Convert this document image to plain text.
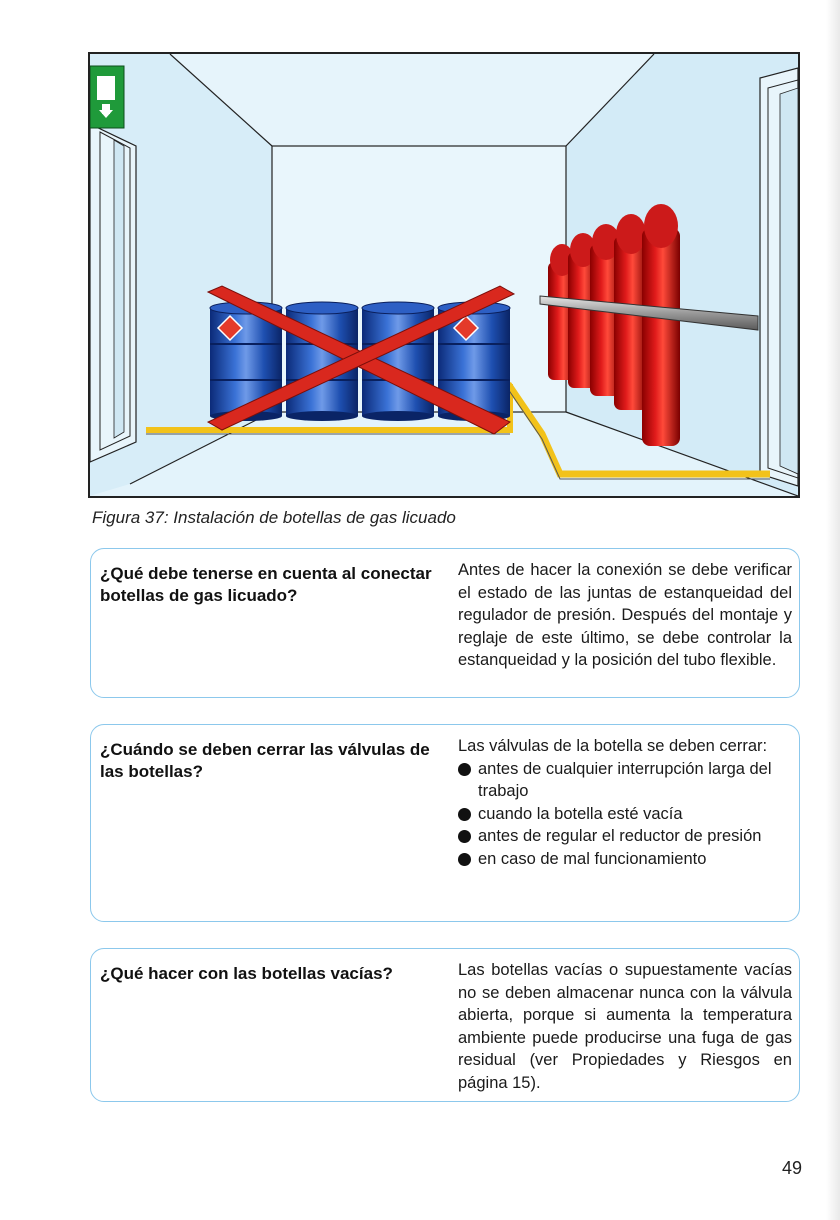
Figura 37: Instalación de botellas de gas licuado
¿Qué debe tenerse en cuenta al conectar botellas de gas licuado?

Antes de hacer la conexión se debe verificar el estado de las juntas de estanqueidad del regulador de presión. Después del montaje y reglaje de este último, se debe controlar la estanqueidad y la posición del tubo flexible.

¿Cuándo se deben cerrar las válvulas de las botellas?

Las válvulas de la botella se deben cerrar:

antes de cualquier interrupción larga del trabajo
cuando la botella esté vacía
antes de regular el reductor de presión
en caso de mal funcionamiento
¿Qué hacer con las botellas vacías?	Las botellas vacías o supuestamente vacías no se deben almacenar nunca con la válvula abierta, porque si aumenta la temperatura ambiente puede producirse una fuga de gas residual (ver Propiedades y Riesgos en página 15).

49
